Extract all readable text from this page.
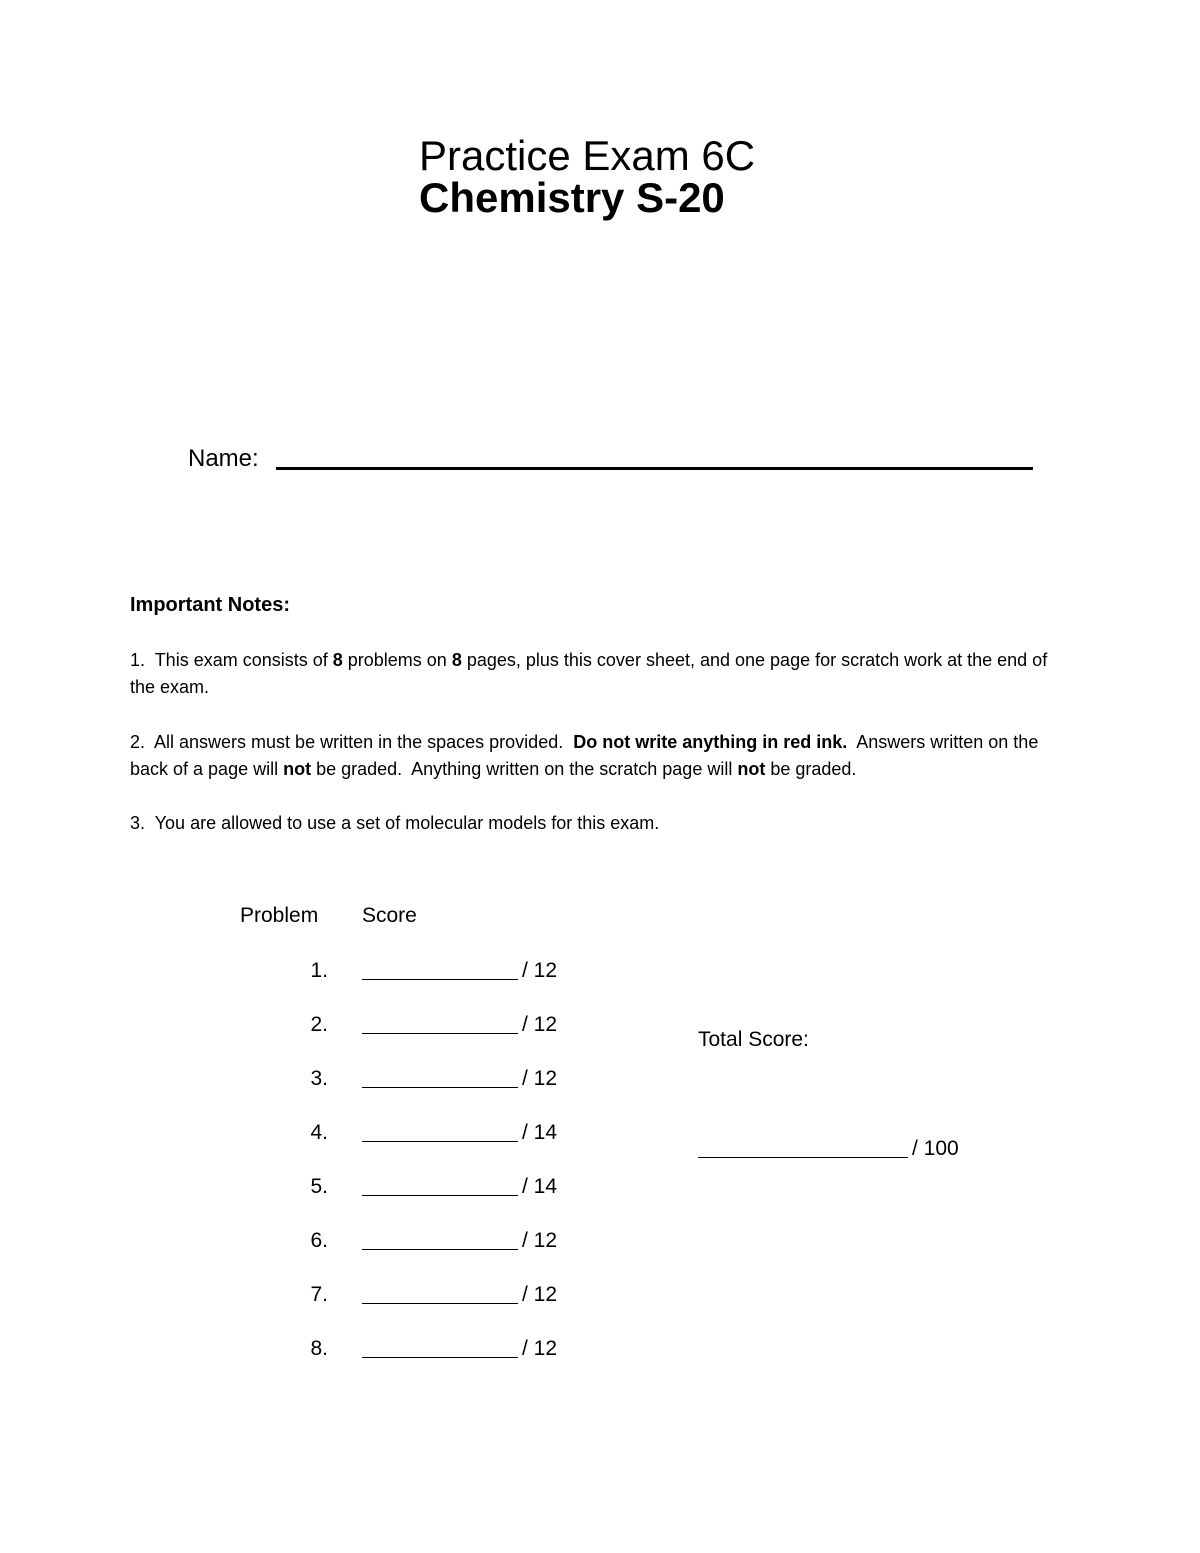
Practice Exam 6C
Chemistry S-20
Name:
Important Notes:
1.  This exam consists of 8 problems on 8 pages, plus this cover sheet, and one page for scratch work at the end of the exam.
2.  All answers must be written in the spaces provided.  Do not write anything in red ink.  Answers written on the back of a page will not be graded.  Anything written on the scratch page will not be graded.
3.  You are allowed to use a set of molecular models for this exam.
Problem Score
1.	/ 12
2.	/ 12
3.	/ 12
4.	/ 14
5.	/ 14
6.	/ 12
7.	/ 12
8.	/ 12
Total Score:
/ 100
